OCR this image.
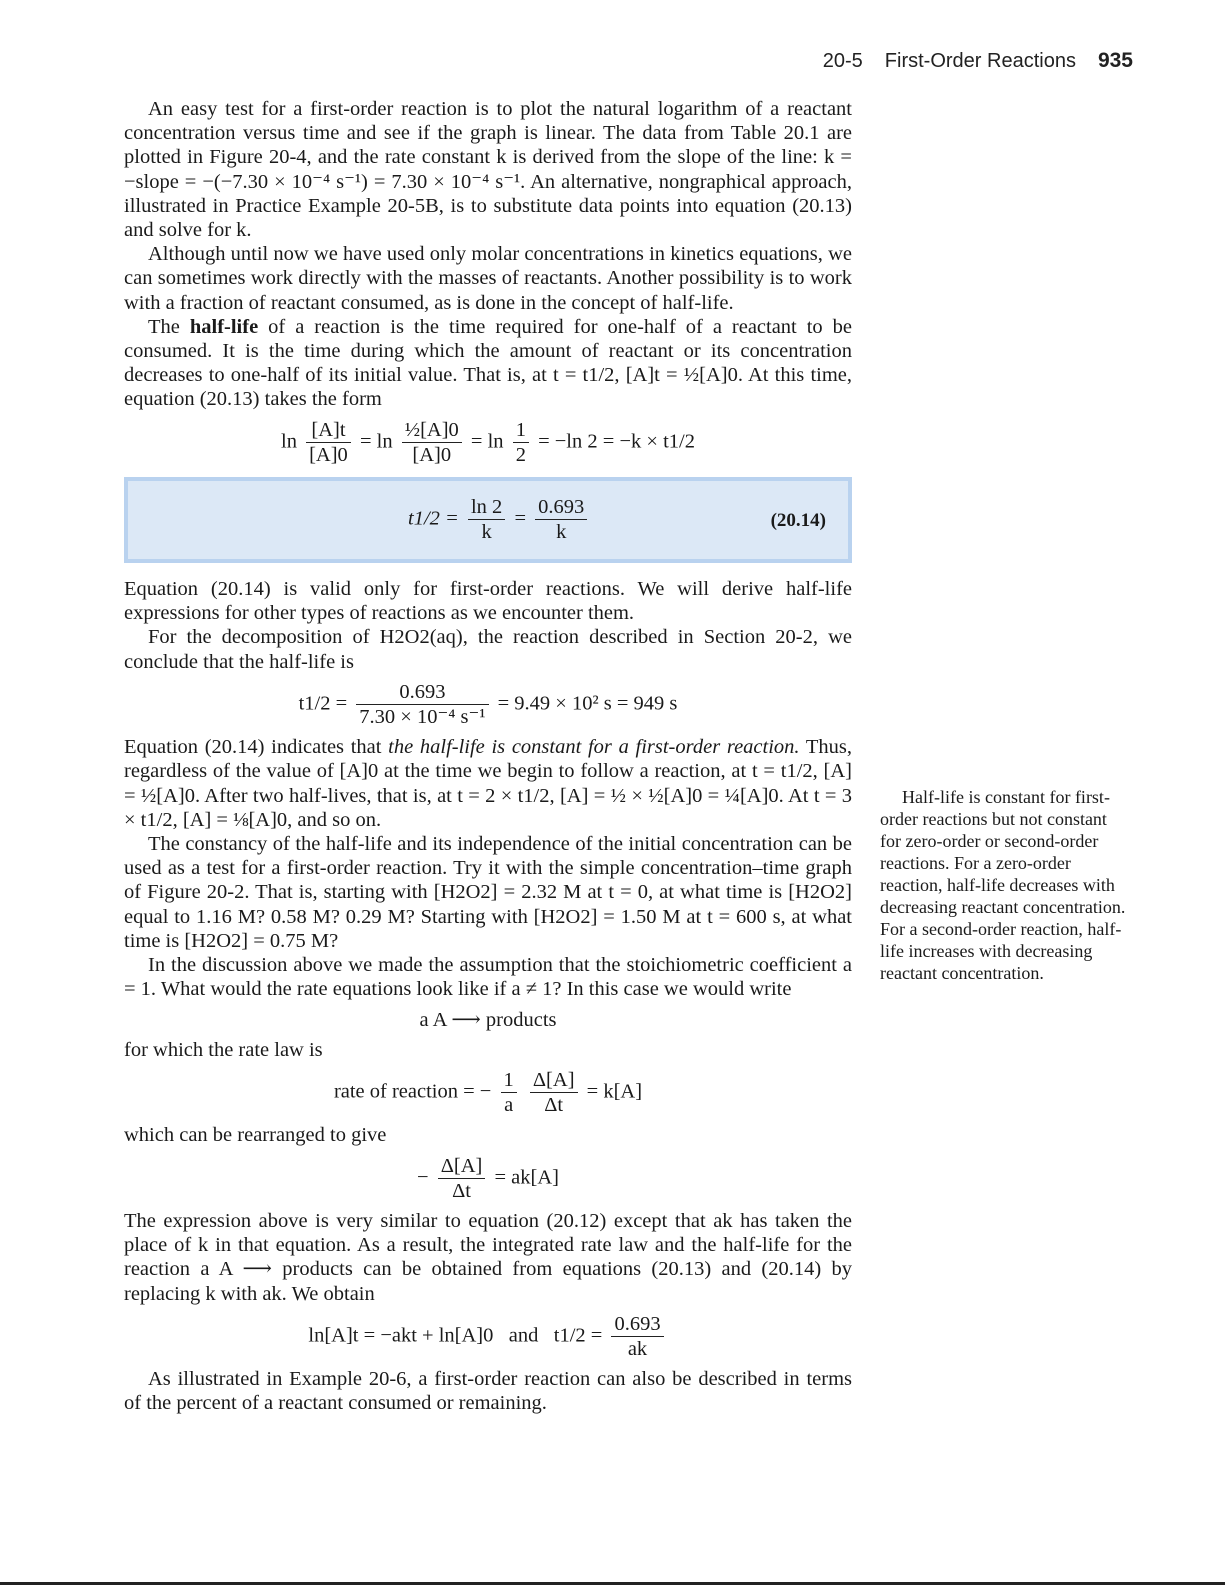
20-5 First-Order Reactions 935

An easy test for a first-order reaction is to plot the natural logarithm of a reactant concentration versus time and see if the graph is linear. The data from Table 20.1 are plotted in Figure 20-4, and the rate constant k is derived from the slope of the line: k = −slope = −(−7.30 × 10⁻⁴ s⁻¹) = 7.30 × 10⁻⁴ s⁻¹. An alternative, nongraphical approach, illustrated in Practice Example 20-5B, is to substitute data points into equation (20.13) and solve for k.

Although until now we have used only molar concentrations in kinetics equations, we can sometimes work directly with the masses of reactants. Another possibility is to work with a fraction of reactant consumed, as is done in the concept of half-life.

The half-life of a reaction is the time required for one-half of a reactant to be consumed. It is the time during which the amount of reactant or its concentration decreases to one-half of its initial value. That is, at t = t1/2, [A]t = ½[A]0. At this time, equation (20.13) takes the form

$\ln \frac{[A]t}{[A]0} = \ln \frac{\text{½[A]0}}{[A]0} = \ln \frac{1}{2} = -\ln$ 2 = −k × t1/2
$t1/2 = \frac{\ln 2}{k} = \frac{0.693}{k}$	(20.14)

Equation (20.14) is valid only for first-order reactions. We will derive half-life expressions for other types of reactions as we encounter them.

For the decomposition of H2O2(aq), the reaction described in Section 20-2, we conclude that the half-life is

$t1/2 = \frac{0.693}{\text{7.30 × 10⁻⁴ s⁻¹}} = 9.49 \times 10^2$ s = 949 s

Equation (20.14) indicates that the half-life is constant for a first-order reaction. Thus, regardless of the value of [A]0 at the time we begin to follow a reaction, at t = t1/2, [A] = ½[A]0. After two half-lives, that is, at t = 2 × t1/2, [A] = ½ × ½[A]0 = ¼[A]0. At t = 3 × t1/2, [A] = ⅛[A]0, and so on.

The constancy of the half-life and its independence of the initial concentration can be used as a test for a first-order reaction. Try it with the simple concentration–time graph of Figure 20-2. That is, starting with [H2O2] = 2.32 M at t = 0, at what time is [H2O2] equal to 1.16 M? 0.58 M? 0.29 M? Starting with [H2O2] = 1.50 M at t = 600 s, at what time is [H2O2] = 0.75 M?

In the discussion above we made the assumption that the stoichiometric coefficient a = 1. What would the rate equations look like if a ≠ 1? In this case we would write

a A ⟶ products

for which the rate law is

rate of reaction = − $\frac{1}{a}$
$\frac{\Delta[A]}{\Delta t} = k[A]$

which can be rearranged to give

− $\frac{\Delta[A]}{\Delta t} = ak[A]$

The expression above is very similar to equation (20.12) except that ak has taken the place of k in that equation. As a result, the integrated rate law and the half-life for the reaction a A ⟶ products can be obtained from equations (20.13) and (20.14) by replacing k with ak. We obtain

ln[A]t = −akt + ln[A]0 and $t1/2 = \frac{0.693}{ak}$

As illustrated in Example 20-6, a first-order reaction can also be described in terms of the percent of a reactant consumed or remaining.

Half-life is constant for first-order reactions but not constant for zero-order or second-order reactions. For a zero-order reaction, half-life decreases with decreasing reactant concentration. For a second-order reaction, half-life increases with decreasing reactant concentration.
